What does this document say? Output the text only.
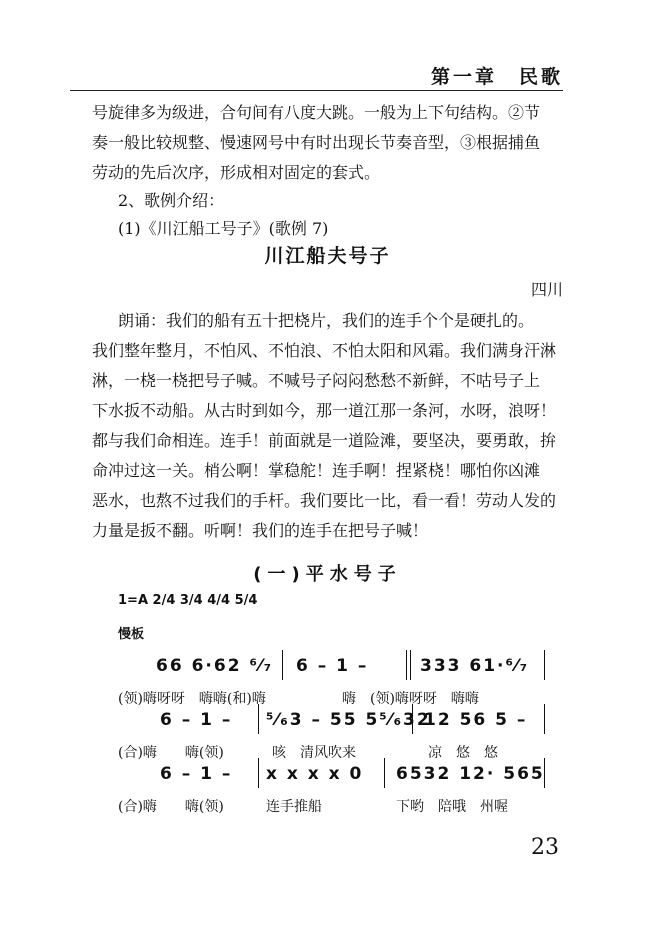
第一章　民歌
号旋律多为级进，合句间有八度大跳。一般为上下句结构。②节
奏一般比较规整、慢速网号中有时出现长节奏音型，③根据捕鱼
劳动的先后次序，形成相对固定的套式。
2、歌例介绍：
(1)《川江船工号子》(歌例 7)
川江船夫号子
四川
朗诵：我们的船有五十把桡片，我们的连手个个是硬扎的。
我们整年整月，不怕风、不怕浪、不怕太阳和风霜。我们满身汗淋
淋，一桡一桡把号子喊。不喊号子闷闷愁愁不新鲜，不咕号子上
下水扳不动船。从古时到如今，那一道江那一条河，水呀，浪呀！
都与我们命相连。连手！前面就是一道险滩，要坚决，要勇敢，拚
命冲过这一关。梢公啊！掌稳舵！连手啊！捏紧桡！哪怕你凶滩
恶水，也熬不过我们的手杆。我们要比一比，看一看！劳动人发的
力量是扳不翻。听啊！我们的连手在把号子喊！
(一)平水号子
1=A 2/4 3/4 4/4 5/4
慢板
66 6·62 ⁶⁄₇ 6 – 1 –	333 61·⁶⁄₇
(领)嗨呀呀　嗨嗨(和)嗨	嗨　(领)嗨呀呀　嗨嗨
6 – 1 – ⁵⁄₆3 – 55 5⁵⁄₆32
12 56 5 –
(合)嗨　　嗨(领)	咳　清风吹来	凉　悠　悠
6 – 1 – x x x x 0 6532 12· 565
(合)嗨　　嗨(领)	连手推船	下哟　陪哦　州喔
23
